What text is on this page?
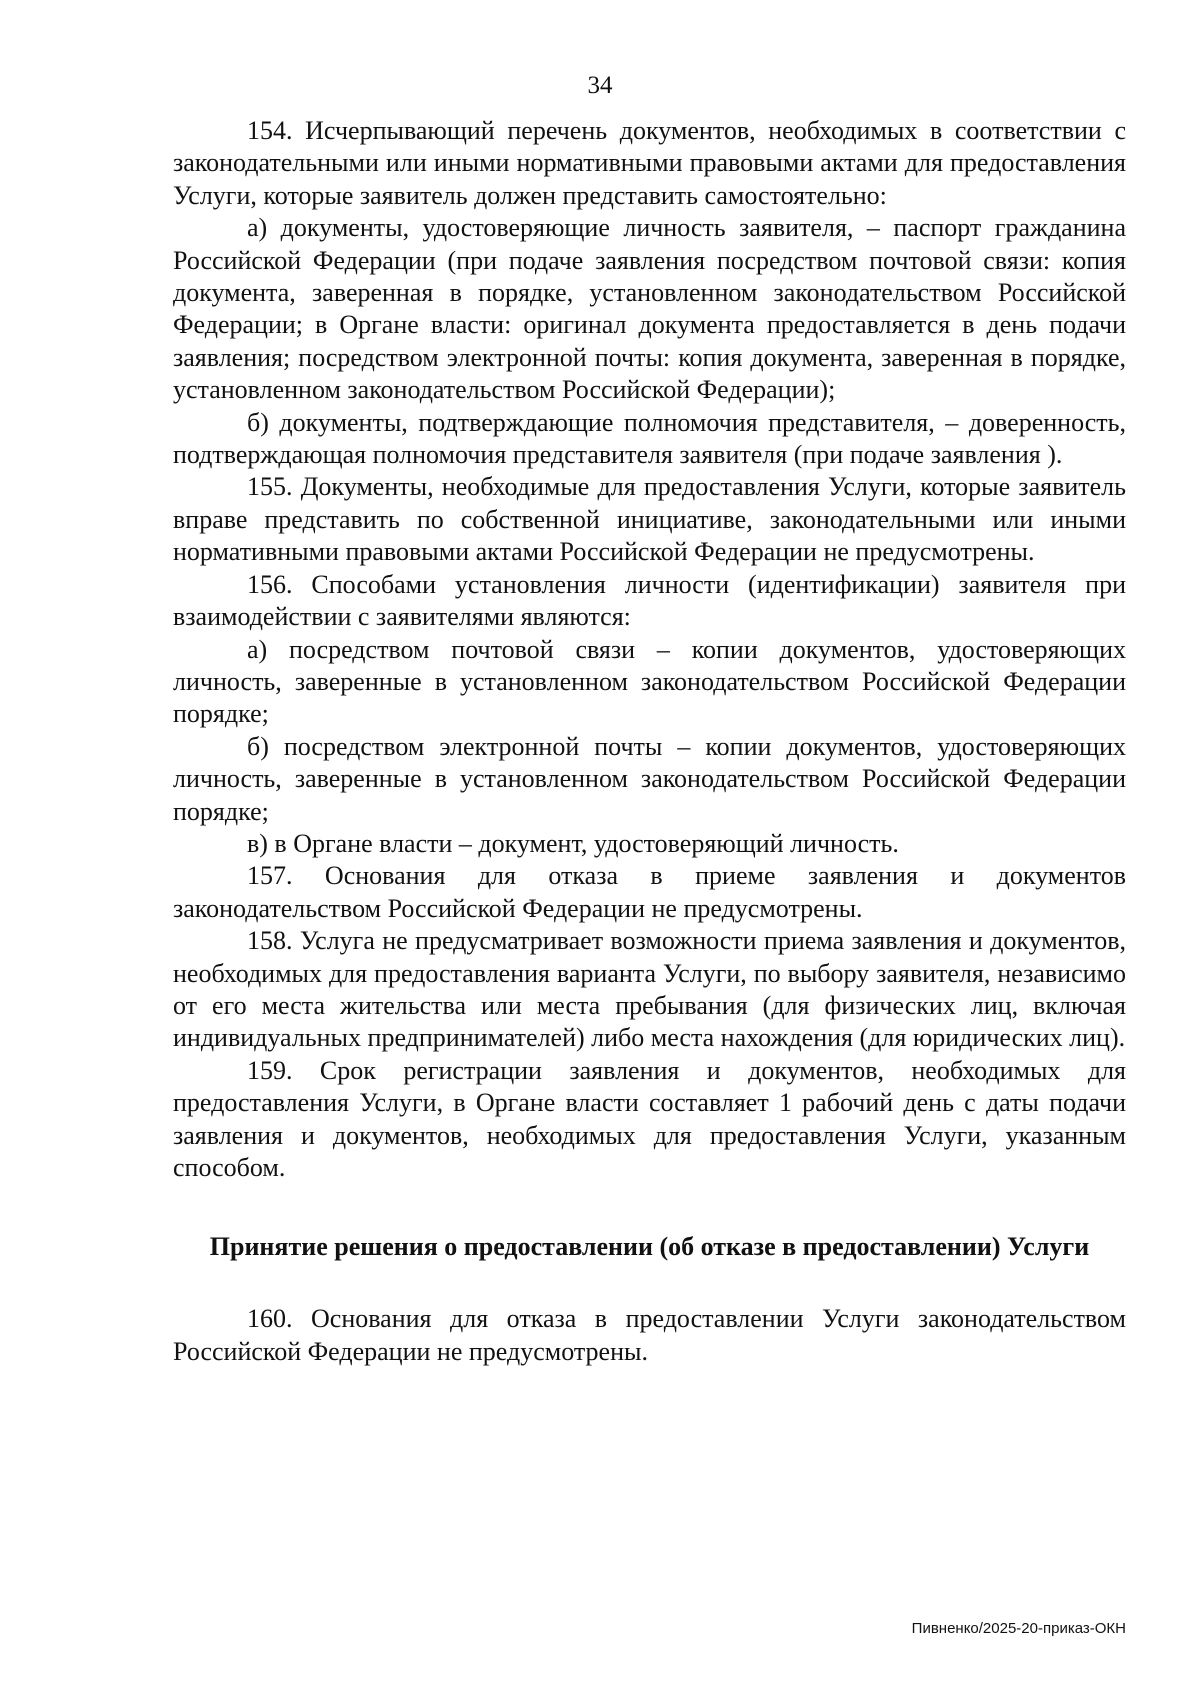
34

154. Исчерпывающий перечень документов, необходимых в соответствии с законодательными или иными нормативными правовыми актами для предоставления Услуги, которые заявитель должен представить самостоятельно:

а) документы, удостоверяющие личность заявителя, – паспорт гражданина Российской Федерации (при подаче заявления посредством почтовой связи: копия документа, заверенная в порядке, установленном законодательством Российской Федерации; в Органе власти: оригинал документа предоставляется в день подачи заявления; посредством электронной почты: копия документа, заверенная в порядке, установленном законодательством Российской Федерации);

б) документы, подтверждающие полномочия представителя, – доверенность, подтверждающая полномочия представителя заявителя (при подаче заявления ).

155. Документы, необходимые для предоставления Услуги, которые заявитель вправе представить по собственной инициативе, законодательными или иными нормативными правовыми актами Российской Федерации не предусмотрены.

156. Способами установления личности (идентификации) заявителя при взаимодействии с заявителями являются:

а) посредством почтовой связи – копии документов, удостоверяющих личность, заверенные в установленном законодательством Российской Федерации порядке;

б) посредством электронной почты – копии документов, удостоверяющих личность, заверенные в установленном законодательством Российской Федерации порядке;

в) в Органе власти – документ, удостоверяющий личность.

157. Основания для отказа в приеме заявления и документов законодательством Российской Федерации не предусмотрены.

158. Услуга не предусматривает возможности приема заявления и документов, необходимых для предоставления варианта Услуги, по выбору заявителя, независимо от его места жительства или места пребывания (для физических лиц, включая индивидуальных предпринимателей) либо места нахождения (для юридических лиц).

159. Срок регистрации заявления и документов, необходимых для предоставления Услуги, в Органе власти составляет 1 рабочий день с даты подачи заявления и документов, необходимых для предоставления Услуги, указанным способом.

Принятие решения о предоставлении (об отказе в предоставлении) Услуги

160. Основания для отказа в предоставлении Услуги законодательством Российской Федерации не предусмотрены.

Пивненко/2025-20-приказ-ОКН
